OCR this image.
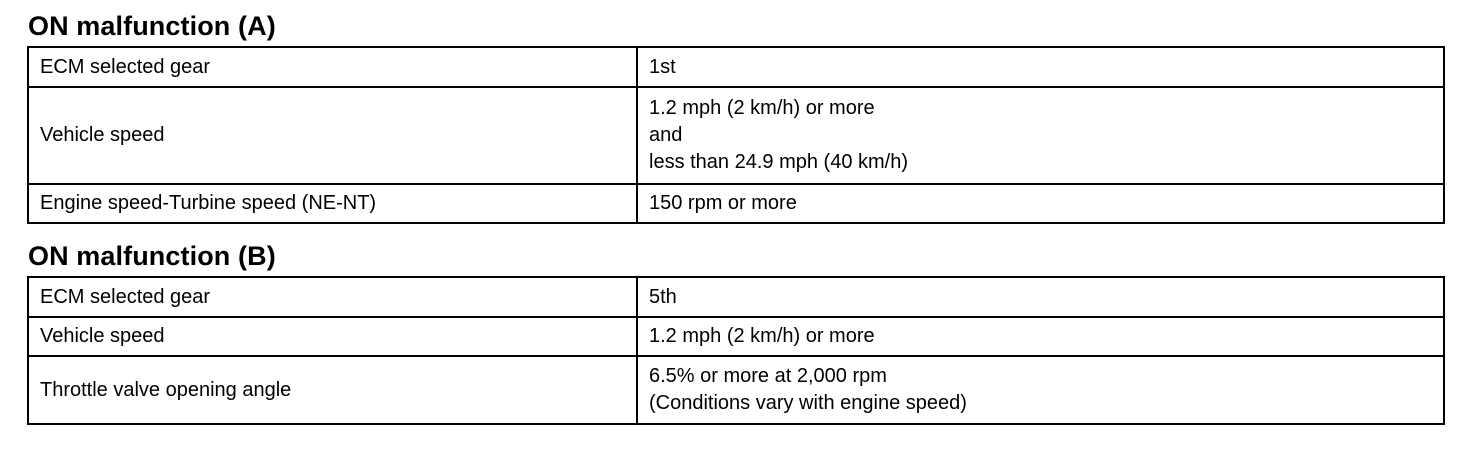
ON malfunction (A)
ECM selected gear	1st

Vehicle speed	1.2 mph (2 km/h) or more
and
less than 24.9 mph (40 km/h)

Engine speed-Turbine speed (NE-NT)	150 rpm or more
ON malfunction (B)
ECM selected gear	5th

Vehicle speed	1.2 mph (2 km/h) or more

Throttle valve opening angle	6.5% or more at 2,000 rpm
(Conditions vary with engine speed)
